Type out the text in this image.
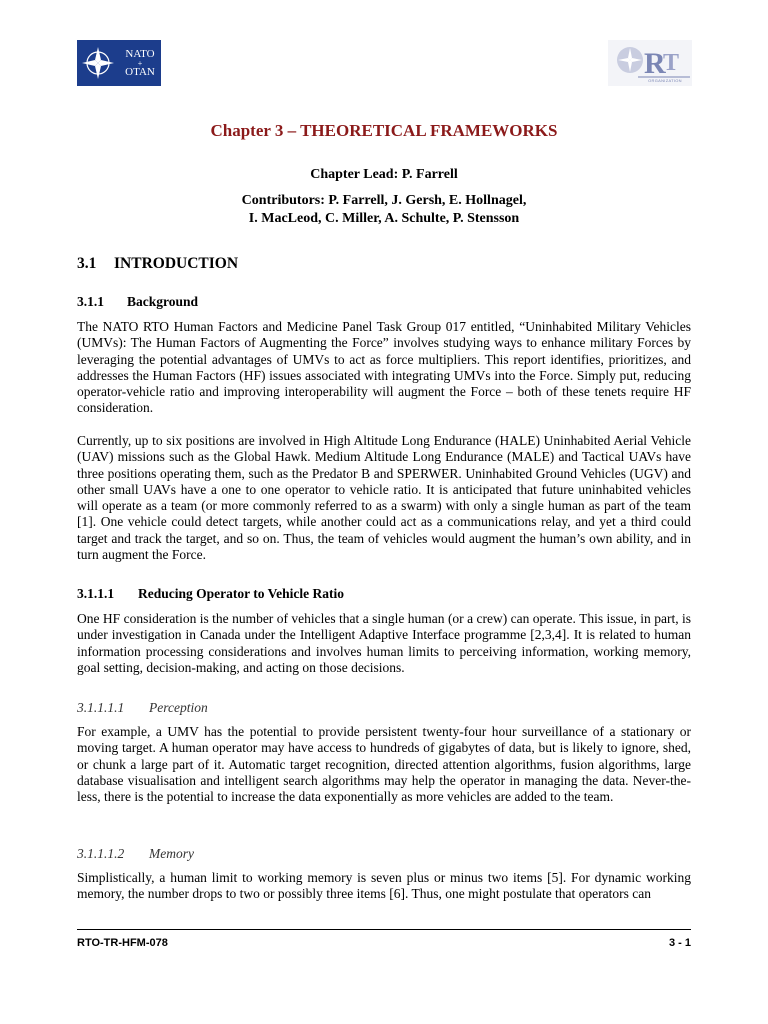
NATO
+
OTAN	R
T
ORGANIZATION
Chapter 3 – THEORETICAL FRAMEWORKS
Chapter Lead: P. Farrell
Contributors: P. Farrell, J. Gersh, E. Hollnagel,
I. MacLeod, C. Miller, A. Schulte, P. Stensson
3.1 INTRODUCTION
3.1.1 Background
The NATO RTO Human Factors and Medicine Panel Task Group 017 entitled, “Uninhabited Military Vehicles (UMVs): The Human Factors of Augmenting the Force” involves studying ways to enhance military Forces by leveraging the potential advantages of UMVs to act as force multipliers. This report identifies, prioritizes, and addresses the Human Factors (HF) issues associated with integrating UMVs into the Force. Simply put, reducing operator-vehicle ratio and improving interoperability will augment the Force – both of these tenets require HF consideration.
Currently, up to six positions are involved in High Altitude Long Endurance (HALE) Uninhabited Aerial Vehicle (UAV) missions such as the Global Hawk. Medium Altitude Long Endurance (MALE) and Tactical UAVs have three positions operating them, such as the Predator B and SPERWER. Uninhabited Ground Vehicles (UGV) and other small UAVs have a one to one operator to vehicle ratio. It is anticipated that future uninhabited vehicles will operate as a team (or more commonly referred to as a swarm) with only a single human as part of the team [1]. One vehicle could detect targets, while another could act as a communications relay, and yet a third could target and track the target, and so on. Thus, the team of vehicles would augment the human’s own ability, and in turn augment the Force.
3.1.1.1 Reducing Operator to Vehicle Ratio
One HF consideration is the number of vehicles that a single human (or a crew) can operate. This issue, in part, is under investigation in Canada under the Intelligent Adaptive Interface programme [2,3,4]. It is related to human information processing considerations and involves human limits to perceiving information, working memory, goal setting, decision-making, and acting on those decisions.
3.1.1.1.1 Perception
For example, a UMV has the potential to provide persistent twenty-four hour surveillance of a stationary or moving target. A human operator may have access to hundreds of gigabytes of data, but is likely to ignore, shed, or chunk a large part of it. Automatic target recognition, directed attention algorithms, fusion algorithms, large database visualisation and intelligent search algorithms may help the operator in managing the data. Never-the-less, there is the potential to increase the data exponentially as more vehicles are added to the team.
3.1.1.1.2 Memory
Simplistically, a human limit to working memory is seven plus or minus two items [5]. For dynamic working memory, the number drops to two or possibly three items [6]. Thus, one might postulate that operators can
RTO-TR-HFM-078	3 - 1
